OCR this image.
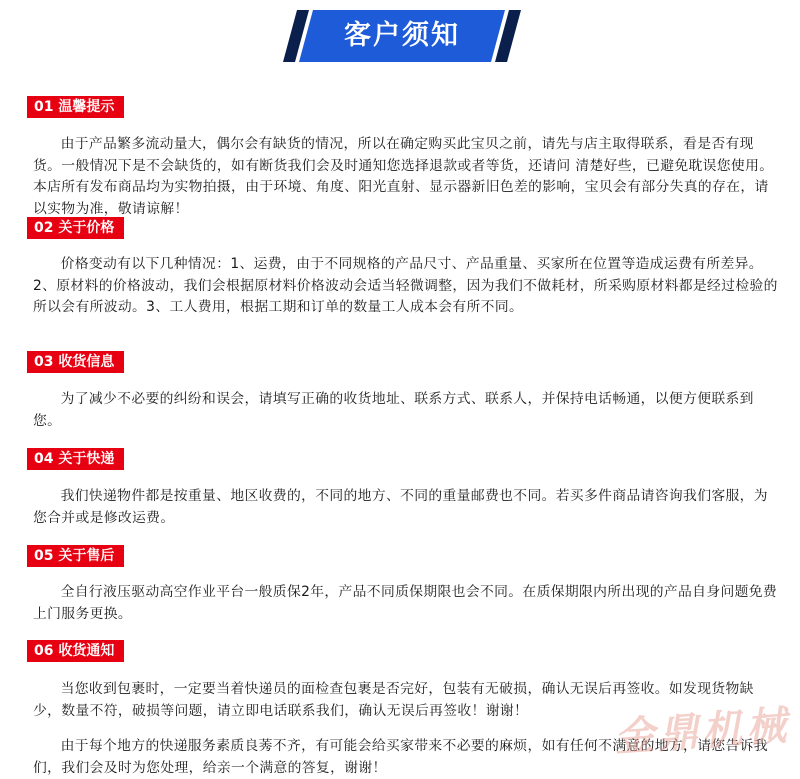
客户须知
01 温馨提示

由于产品繁多流动量大，偶尔会有缺货的情况，所以在确定购买此宝贝之前，请先与店主取得联系，看是否有现货。一般情况下是不会缺货的，如有断货我们会及时通知您选择退款或者等货，还请问 清楚好些，已避免耽误您使用。本店所有发布商品均为实物拍摄，由于环境、角度、阳光直射、显示器新旧色差的影响，宝贝会有部分失真的存在，请以实物为准，敬请谅解！

02 关于价格

价格变动有以下几种情况：1、运费，由于不同规格的产品尺寸、产品重量、买家所在位置等造成运费有所差异。2、原材料的价格波动，我们会根据原材料价格波动会适当轻微调整，因为我们不做耗材，所采购原材料都是经过检验的所以会有所波动。3、工人费用，根据工期和订单的数量工人成本会有所不同。

03 收货信息

为了减少不必要的纠纷和误会，请填写正确的收货地址、联系方式、联系人，并保持电话畅通，以便方便联系到您。

04 关于快递

我们快递物件都是按重量、地区收费的，不同的地方、不同的重量邮费也不同。若买多件商品请咨询我们客服，为您合并或是修改运费。

05 关于售后

全自行液压驱动高空作业平台一般质保2年，产品不同质保期限也会不同。在质保期限内所出现的产品自身问题免费上门服务更换。

06 收货通知

当您收到包裹时，一定要当着快递员的面检查包裹是否完好，包装有无破损，确认无误后再签收。如发现货物缺少，数量不符，破损等问题，请立即电话联系我们，确认无误后再签收！谢谢！

由于每个地方的快递服务素质良莠不齐，有可能会给买家带来不必要的麻烦，如有任何不满意的地方，请您告诉我们，我们会及时为您处理，给亲一个满意的答复，谢谢！

金鼎机械
